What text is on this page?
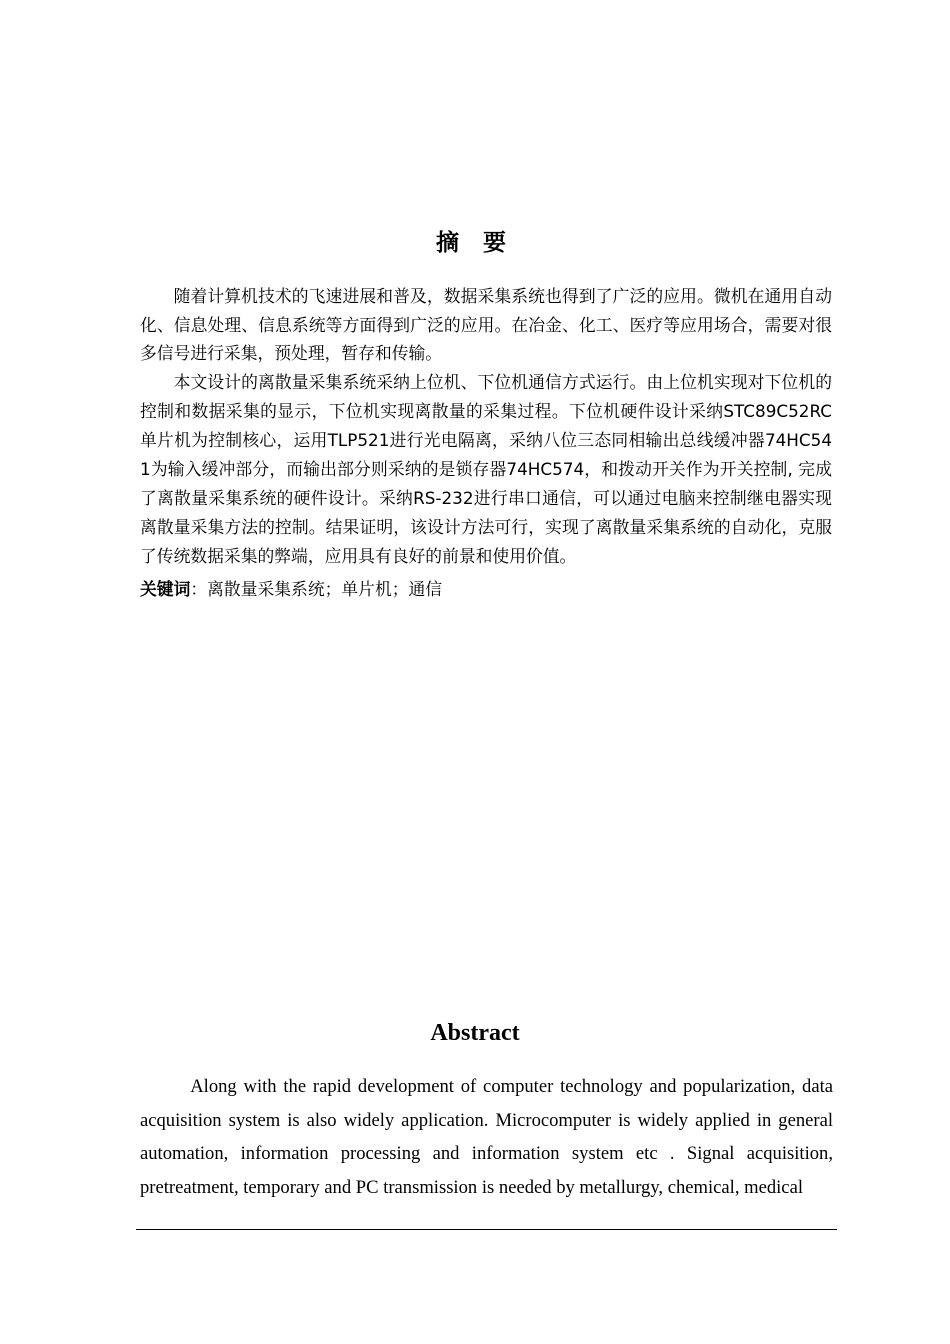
摘 要

随着计算机技术的飞速进展和普及，数据采集系统也得到了广泛的应用。微机在通用自动化、信息处理、信息系统等方面得到广泛的应用。在冶金、化工、医疗等应用场合，需要对很多信号进行采集，预处理，暂存和传输。

本文设计的离散量采集系统采纳上位机、下位机通信方式运行。由上位机实现对下位机的控制和数据采集的显示，下位机实现离散量的采集过程。下位机硬件设计采纳STC89C52RC单片机为控制核心，运用TLP521进行光电隔离，采纳八位三态同相输出总线缓冲器74HC541为输入缓冲部分，而输出部分则采纳的是锁存器74HC574，和拨动开关作为开关控制, 完成了离散量采集系统的硬件设计。采纳RS-232进行串口通信，可以通过电脑来控制继电器实现离散量采集方法的控制。结果证明，该设计方法可行，实现了离散量采集系统的自动化，克服了传统数据采集的弊端，应用具有良好的前景和使用价值。

关键词：离散量采集系统；单片机；通信
Abstract

Along with the rapid development of computer technology and popularization, data acquisition system is also widely application. Microcomputer is widely applied in general automation, information processing and information system etc . Signal acquisition, pretreatment, temporary and PC transmission is needed by metallurgy, chemical, medical
